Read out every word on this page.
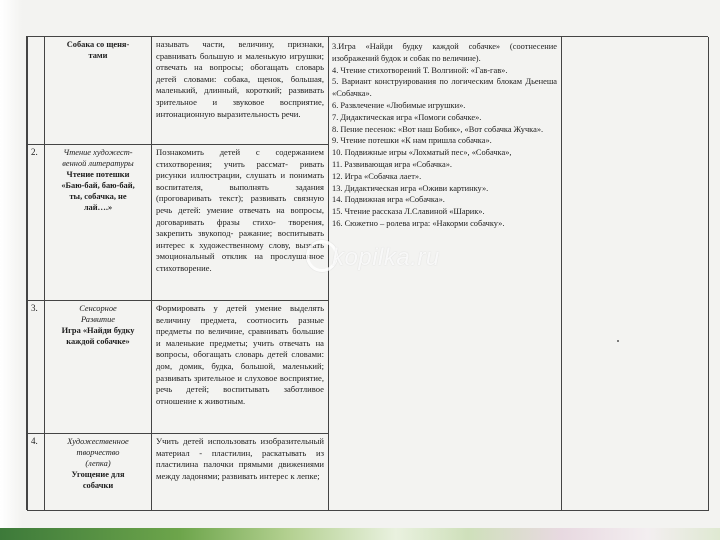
Собака со щеня-
тами
называть части, величину, признаки, сравнивать большую и маленькую игрушки; отвечать на вопросы; обогащать словарь детей словами: собака, щенок, большая, маленький, длинный, короткий; развивать зрительное и звуковое восприятие, интонационную выразительность речи.
2.	Чтение художест-
венной литературы
Чтение потешки
«Баю-бай, баю-бай,
ты, собачка, не
лай….»
Познакомить детей с содержанием стихотворения; учить рассмат- ривать рисунки иллюстрации, слушать и понимать воспитателя, выполнять задания (проговаривать текст); развивать связную речь детей: умение отвечать на вопросы, договаривать фразы стихо- творения, закрепить звукопод- ражание; воспитывать интерес к художественному слову, вызвать эмоциональный отклик на прослушанное стихотворение.
3.	Сенсорное
Развитие
Игра «Найди будку
каждой собачке»
Формировать у детей умение выделять величину предмета, соотносить разные предметы по величине, сравнивать большие и маленькие предметы; учить отвечать на вопросы, обогащать словарь детей словами: дом, домик, будка, большой, маленький; развивать зрительное и слуховое восприятие, речь детей; воспитывать заботливое отношение к животным.
4.	Художественное
творчество
(лепка)
Угощение для
собачки
Учить детей использовать изобразительный материал - пластилин, раскатывать из пластилина палочки прямыми движениями между ладонями; развивать интерес к лепке;
3.Игра «Найди будку каждой собачке» (соотнесение изображений будок и собак по величине).
4. Чтение стихотворений Т. Волгиной: «Гав-гав».
5. Вариант конструирования по логическим блокам Дьенеша «Собачка».
6. Развлечение «Любимые игрушки».
7. Дидактическая игра «Помоги собачке».
8. Пение песенок: «Вот наш Бобик», «Вот собачка Жучка».
9. Чтение потешки «К нам пришла собачка».
10. Подвижные игры «Лохматый пес», «Собачка»,
11. Развивающая игра «Собачка».
12. Игра «Собачка лает».
13. Дидактическая игра «Оживи картинку».
14. Подвижная игра «Собачка».
15. Чтение рассказа Л.Славиной «Шарик».
16. Сюжетно – ролева игра: «Накорми собачку».
kopilka.ru
